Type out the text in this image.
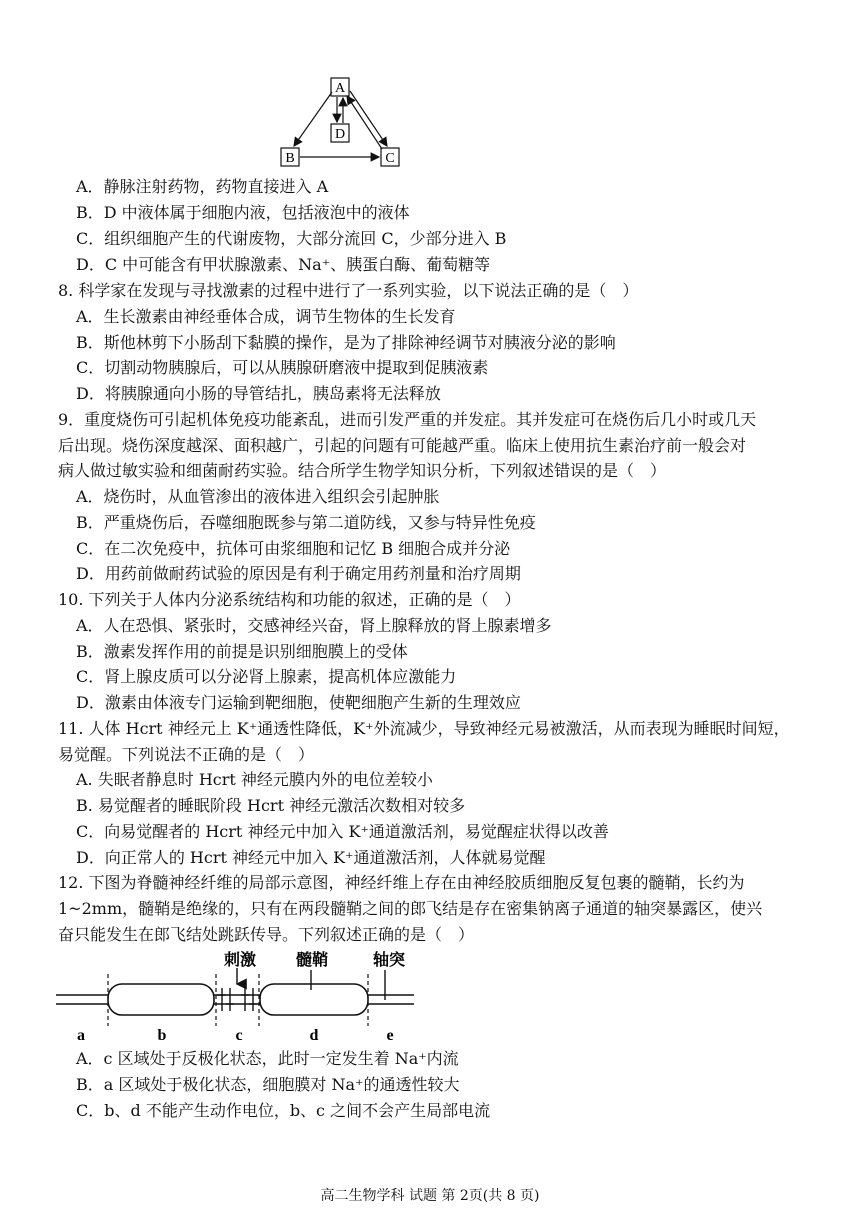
A
D
B	C
A．静脉注射药物，药物直接进入 A
B．D 中液体属于细胞内液，包括液泡中的液体
C．组织细胞产生的代谢废物，大部分流回 C，少部分进入 B
D．C 中可能含有甲状腺激素、Na⁺、胰蛋白酶、葡萄糖等
8. 科学家在发现与寻找激素的过程中进行了一系列实验，以下说法正确的是（　）
A．生长激素由神经垂体合成，调节生物体的生长发育
B．斯他林剪下小肠刮下黏膜的操作，是为了排除神经调节对胰液分泌的影响
C．切割动物胰腺后，可以从胰腺研磨液中提取到促胰液素
D．将胰腺通向小肠的导管结扎，胰岛素将无法释放
9．重度烧伤可引起机体免疫功能紊乱，进而引发严重的并发症。其并发症可在烧伤后几小时或几天
后出现。烧伤深度越深、面积越广，引起的问题有可能越严重。临床上使用抗生素治疗前一般会对
病人做过敏实验和细菌耐药实验。结合所学生物学知识分析，下列叙述错误的是（　）
A．烧伤时，从血管渗出的液体进入组织会引起肿胀
B．严重烧伤后，吞噬细胞既参与第二道防线，又参与特异性免疫
C．在二次免疫中，抗体可由浆细胞和记忆 B 细胞合成并分泌
D．用药前做耐药试验的原因是有利于确定用药剂量和治疗周期
10. 下列关于人体内分泌系统结构和功能的叙述，正确的是（　）
A．人在恐惧、紧张时，交感神经兴奋，肾上腺释放的肾上腺素增多
B．激素发挥作用的前提是识别细胞膜上的受体
C．肾上腺皮质可以分泌肾上腺素，提高机体应激能力
D．激素由体液专门运输到靶细胞，使靶细胞产生新的生理效应
11. 人体 Hcrt 神经元上 K⁺通透性降低，K⁺外流减少，导致神经元易被激活，从而表现为睡眠时间短，
易觉醒。下列说法不正确的是（　）
A. 失眠者静息时 Hcrt 神经元膜内外的电位差较小
B. 易觉醒者的睡眠阶段 Hcrt 神经元激活次数相对较多
C．向易觉醒者的 Hcrt 神经元中加入 K⁺通道激活剂，易觉醒症状得以改善
D．向正常人的 Hcrt 神经元中加入 K⁺通道激活剂，人体就易觉醒
12. 下图为脊髓神经纤维的局部示意图，神经纤维上存在由神经胶质细胞反复包裹的髓鞘，长约为
1~2mm，髓鞘是绝缘的，只有在两段髓鞘之间的郎飞结是存在密集钠离子通道的轴突暴露区，使兴
奋只能发生在郎飞结处跳跃传导。下列叙述正确的是（　）
刺激 髓鞘	轴突
a	b	c	d	e
A．c 区域处于反极化状态，此时一定发生着 Na⁺内流
B．a 区域处于极化状态，细胞膜对 Na⁺的通透性较大
C．b、d 不能产生动作电位，b、c 之间不会产生局部电流
高二生物学科 试题 第 2页(共 8 页)
